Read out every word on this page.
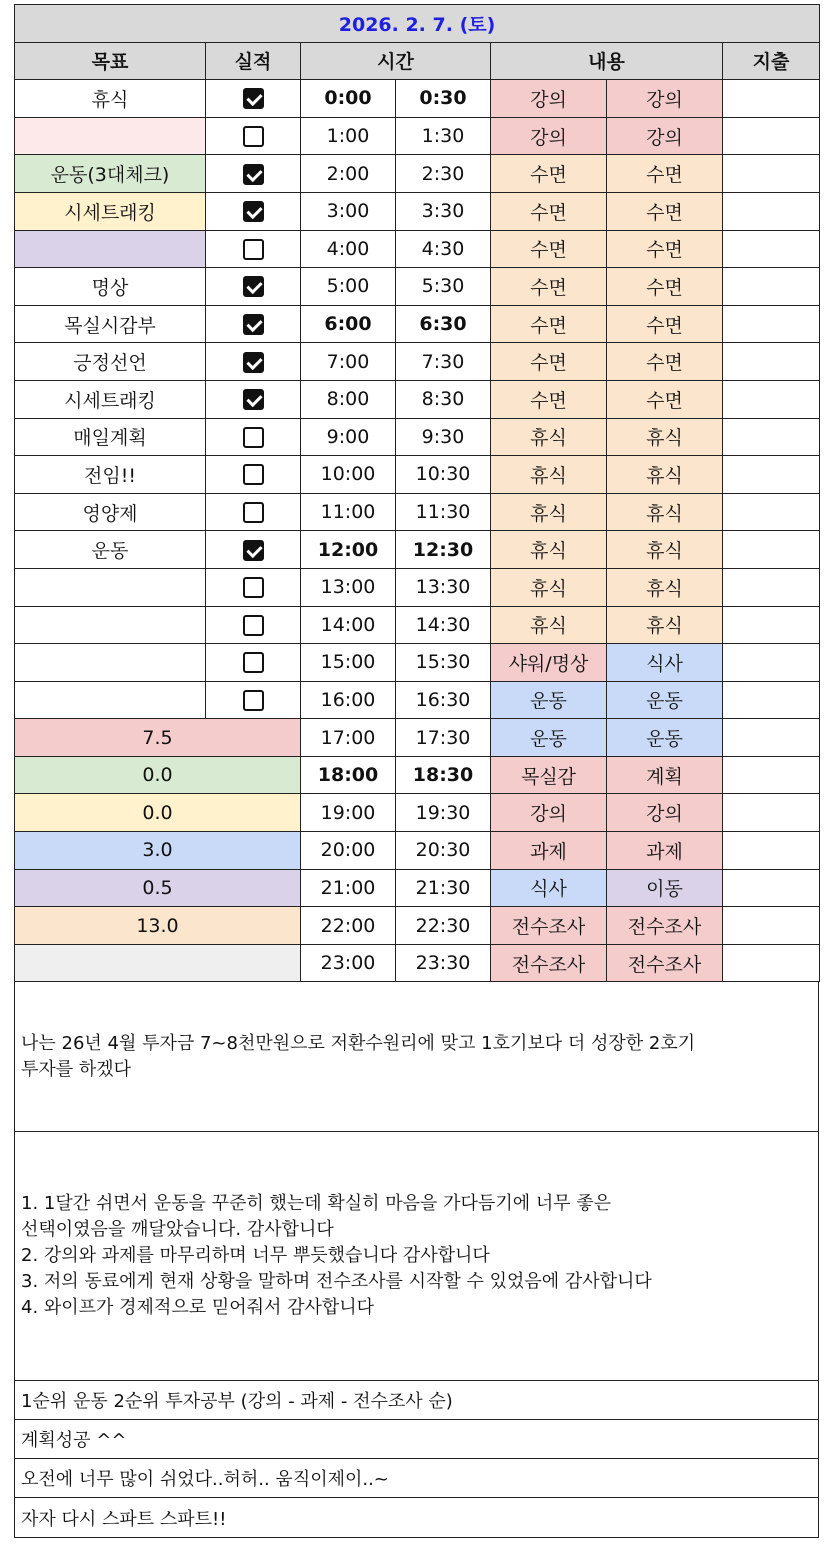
2026. 2. 7. (토)						
목표	실적	시간		내용		지출
휴식		0:00	0:30	강의	강의	
		1:00	1:30	강의	강의	
운동(3대체크)		2:00	2:30	수면	수면	
시세트래킹		3:00	3:30	수면	수면	
		4:00	4:30	수면	수면	
명상		5:00	5:30	수면	수면	
목실시감부		6:00	6:30	수면	수면	
긍정선언		7:00	7:30	수면	수면	
시세트래킹		8:00	8:30	수면	수면	
매일계획		9:00	9:30	휴식	휴식	
전임!!		10:00	10:30	휴식	휴식	
영양제		11:00	11:30	휴식	휴식	
운동		12:00	12:30	휴식	휴식	
		13:00	13:30	휴식	휴식	
		14:00	14:30	휴식	휴식	
		15:00	15:30	샤워/명상	식사	
		16:00	16:30	운동	운동	
7.5		17:00	17:30	운동	운동	
0.0		18:00	18:30	목실감	계획	
0.0		19:00	19:30	강의	강의	
3.0		20:00	20:30	과제	과제	
0.5		21:00	21:30	식사	이동	
13.0		22:00	22:30	전수조사	전수조사	
		23:00	23:30	전수조사	전수조사	
나는 26년 4월 투자금 7~8천만원으로 저환수원리에 맞고 1호기보다 더 성장한 2호기
투자를 하겠다
1. 1달간 쉬면서 운동을 꾸준히 했는데 확실히 마음을 가다듬기에 너무 좋은
선택이였음을 깨달았습니다. 감사합니다
2. 강의와 과제를 마무리하며 너무 뿌듯했습니다 감사합니다
3. 저의 동료에게 현재 상황을 말하며 전수조사를 시작할 수 있었음에 감사합니다
4. 와이프가 경제적으로 믿어줘서 감사합니다
1순위 운동 2순위 투자공부 (강의 - 과제 - 전수조사 순)
계획성공 ^^
오전에 너무 많이 쉬었다..허허.. 움직이제이..~
자자 다시 스파트 스파트!!
